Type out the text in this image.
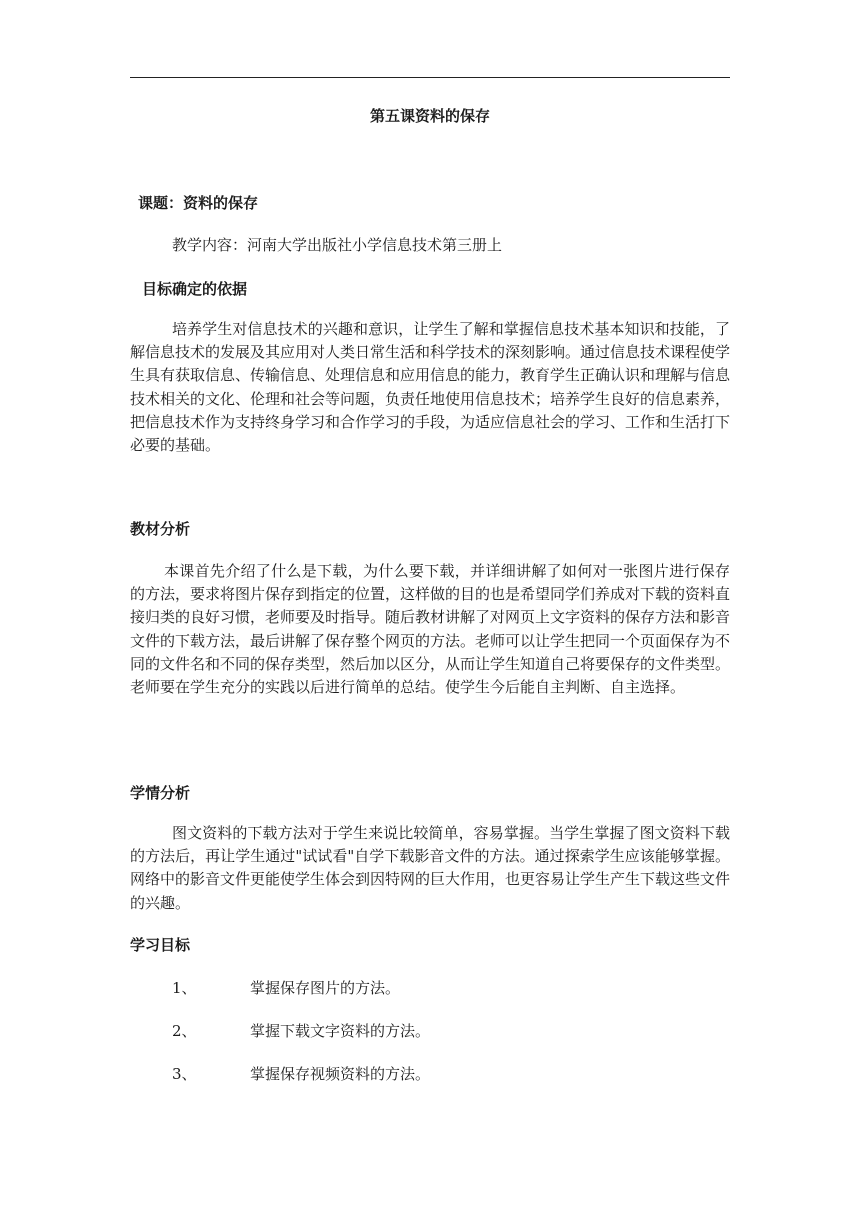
第五课资料的保存
课题：资料的保存
教学内容：河南大学出版社小学信息技术第三册上
目标确定的依据

培养学生对信息技术的兴趣和意识，让学生了解和掌握信息技术基本知识和技能，了解信息技术的发展及其应用对人类日常生活和科学技术的深刻影响。通过信息技术课程使学生具有获取信息、传输信息、处理信息和应用信息的能力，教育学生正确认识和理解与信息技术相关的文化、伦理和社会等问题，负责任地使用信息技术；培养学生良好的信息素养，把信息技术作为支持终身学习和合作学习的手段，为适应信息社会的学习、工作和生活打下必要的基础。

教材分析

本课首先介绍了什么是下载，为什么要下载，并详细讲解了如何对一张图片进行保存的方法，要求将图片保存到指定的位置，这样做的目的也是希望同学们养成对下载的资料直接归类的良好习惯，老师要及时指导。随后教材讲解了对网页上文字资料的保存方法和影音文件的下载方法，最后讲解了保存整个网页的方法。老师可以让学生把同一个页面保存为不同的文件名和不同的保存类型，然后加以区分，从而让学生知道自己将要保存的文件类型。老师要在学生充分的实践以后进行简单的总结。使学生今后能自主判断、自主选择。

学情分析

图文资料的下载方法对于学生来说比较简单，容易掌握。当学生掌握了图文资料下载的方法后，再让学生通过"试试看"自学下载影音文件的方法。通过探索学生应该能够掌握。网络中的影音文件更能使学生体会到因特网的巨大作用，也更容易让学生产生下载这些文件的兴趣。

学习目标
1、	掌握保存图片的方法。
2、	掌握下载文字资料的方法。
3、	掌握保存视频资料的方法。
